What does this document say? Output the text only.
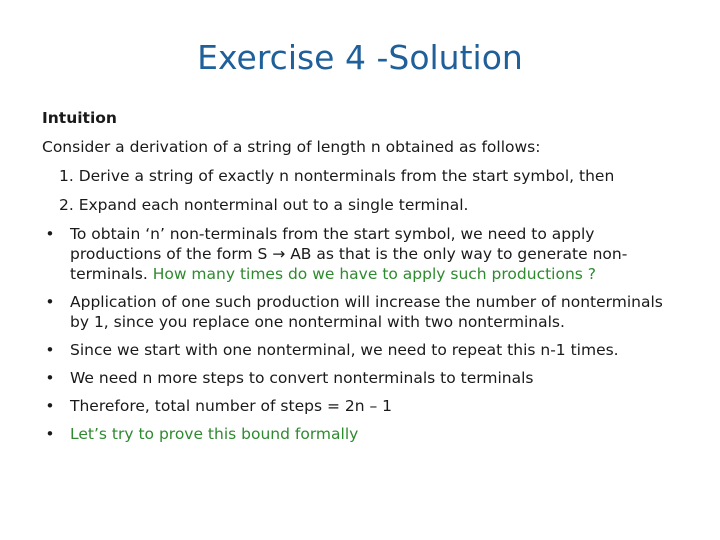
Exercise 4 -Solution
Intuition
Consider a derivation of a string of length n obtained as follows:
1. Derive a string of exactly n nonterminals from the start symbol, then
2. Expand each nonterminal out to a single terminal.
• To obtain ‘n’ non-terminals from the start symbol, we need to apply productions of the form S → AB as that is the only way to generate non-terminals. How many times do we have to apply such productions ?
• Application of one such production will increase the number of nonterminals by 1, since you replace one nonterminal with two nonterminals.
• Since we start with one nonterminal, we need to repeat this n-1 times.
• We need n more steps to convert nonterminals to terminals
• Therefore, total number of steps = 2n – 1
• Let’s try to prove this bound formally
